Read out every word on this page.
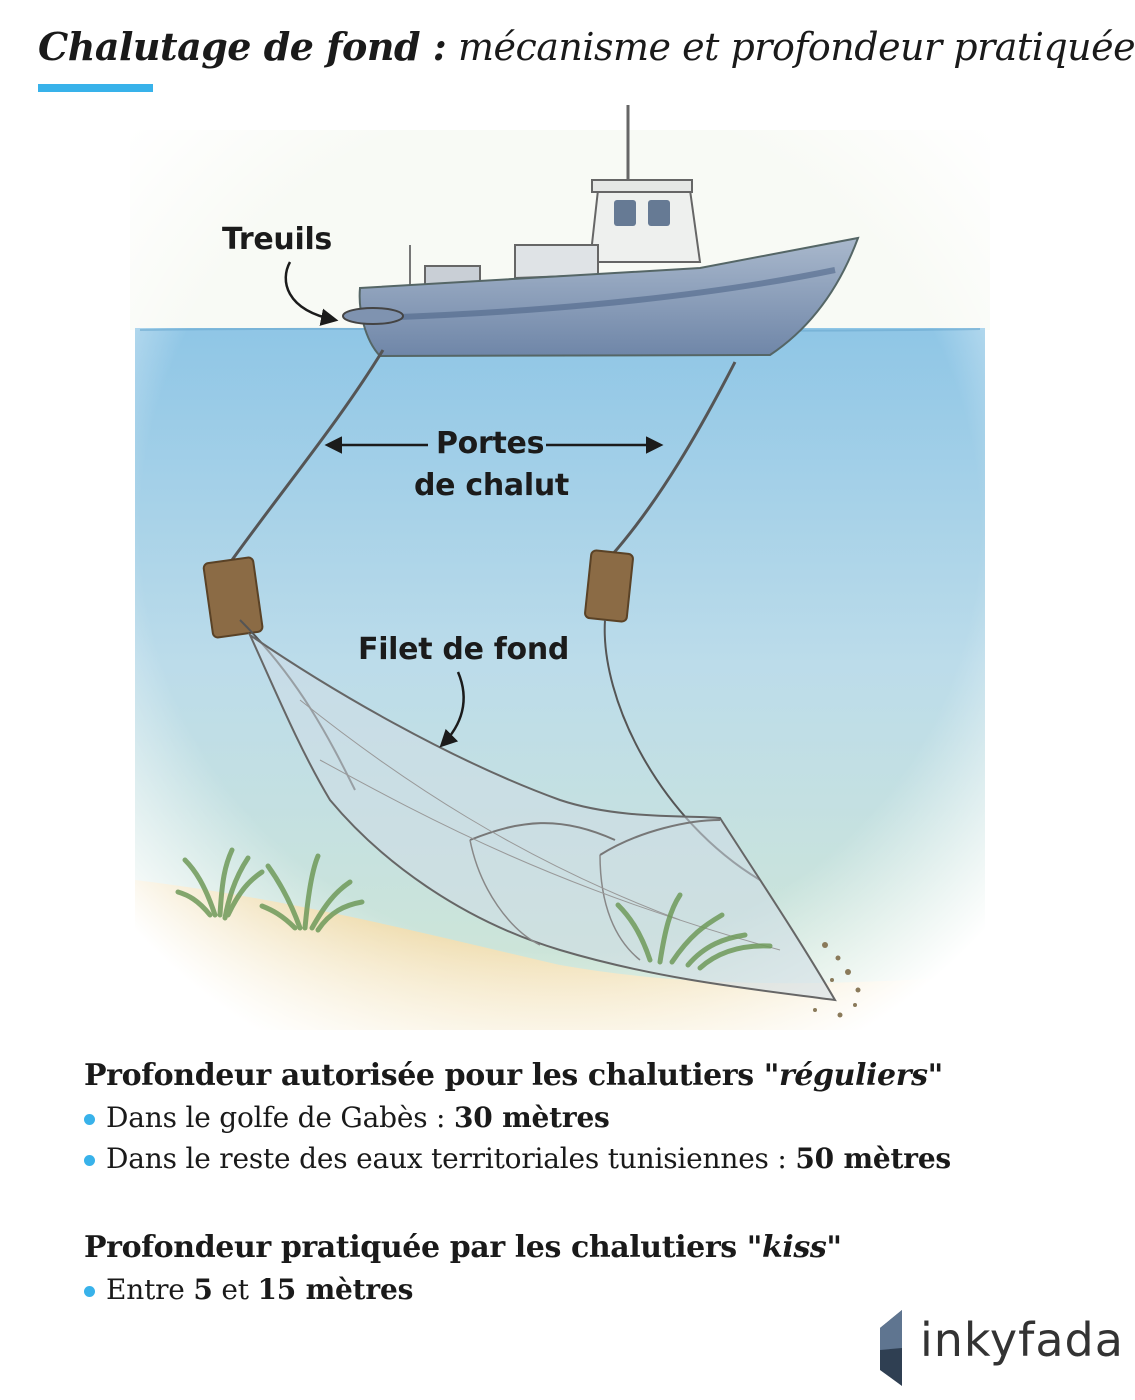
Chalutage de fond : mécanisme et profondeur pratiquée
Treuils
Portes
de chalut
Filet de fond
Profondeur autorisée pour les chalutiers "réguliers"
Dans le golfe de Gabès : 30 mètres
Dans le reste des eaux territoriales tunisiennes : 50 mètres
Profondeur pratiquée par les chalutiers "kiss"
Entre 5 et 15 mètres
inkyfada
